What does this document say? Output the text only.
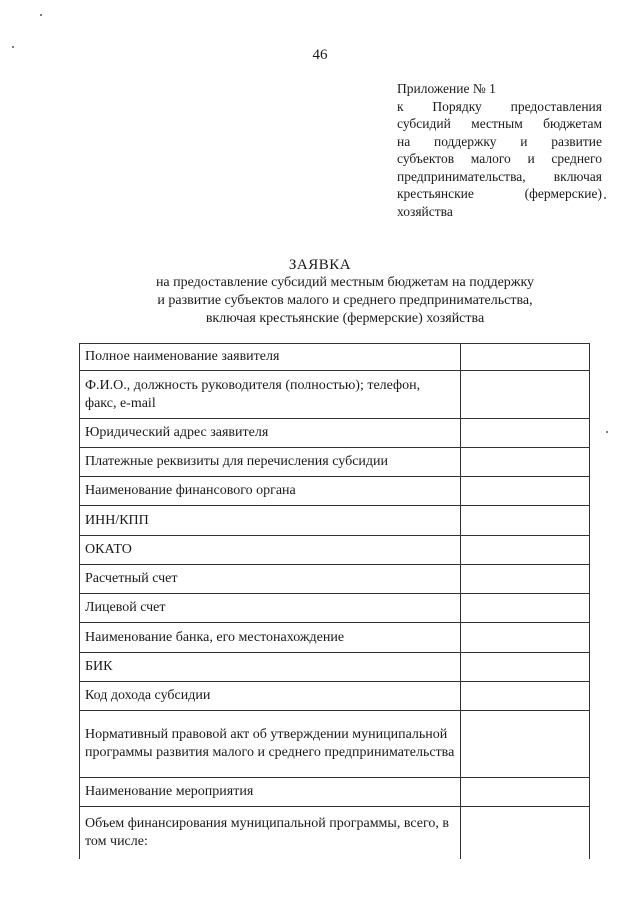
46
Приложение № 1
к Порядку предоставления
субсидий местным бюджетам
на поддержку и развитие
субъектов малого и среднего
предпринимательства, включая
крестьянские (фермерские)
хозяйства
ЗАЯВКА
на предоставление субсидий местным бюджетам на поддержку
и развитие субъектов малого и среднего предпринимательства,
включая крестьянские (фермерские) хозяйства
Полное наименование заявителя	
Ф.И.О., должность руководителя (полностью); телефон, факс, e-mail	
Юридический адрес заявителя	
Платежные реквизиты для перечисления субсидии	
Наименование финансового органа	
ИНН/КПП	
ОКАТО	
Расчетный счет	
Лицевой счет	
Наименование банка, его местонахождение	
БИК	
Код дохода субсидии	
Нормативный правовой акт об утверждении муниципальной программы развития малого и среднего предпринимательства	
Наименование мероприятия	
Объем финансирования муниципальной программы, всего, в том числе:	
